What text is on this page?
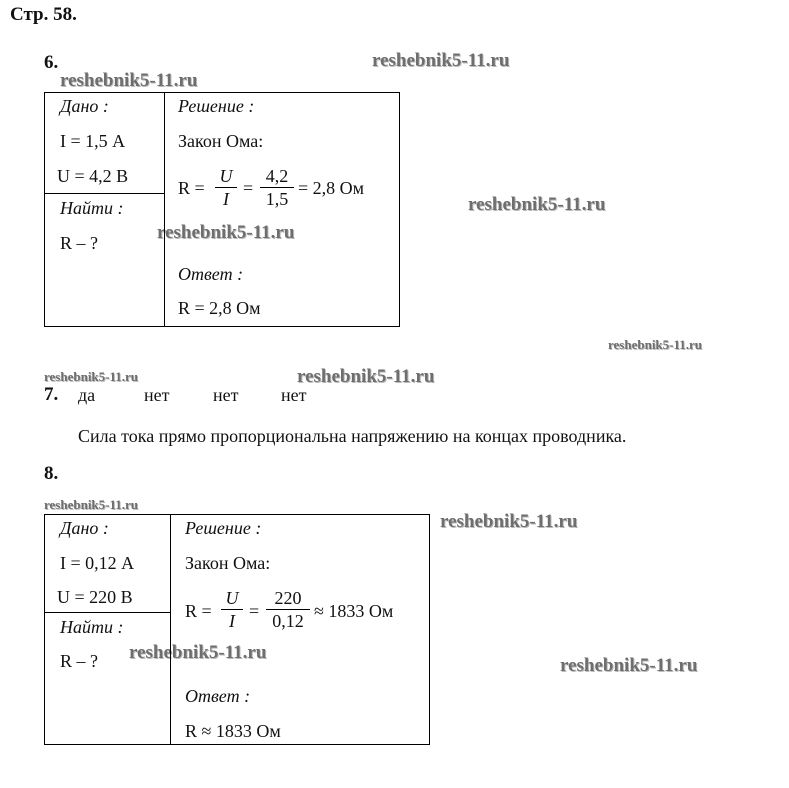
Стр. 58.
reshebnik5-11.ru
reshebnik5-11.ru
reshebnik5-11.ru
reshebnik5-11.ru
reshebnik5-11.ru
reshebnik5-11.ru	reshebnik5-11.ru
reshebnik5-11.ru
reshebnik5-11.ru
reshebnik5-11.ru
reshebnik5-11.ru
6.
Дано :
I = 1,5 А
U = 4,2 В
Найти :
R – ?
Решение :
Закон Ома:
$R = \frac{U}{I} = \frac{4,2}{1,5} = 2,8$ Ом
Ответ :
R = 2,8 Ом
7. да	нет нет нет
Сила тока прямо пропорциональна напряжению на концах проводника.
8.
Дано :
I = 0,12 А
U = 220 В
Найти :
R – ?
Решение :
Закон Ома:
$R = \frac{U}{I} = \frac{220}{0,12} \approx 1833$ Ом
Ответ :
R ≈ 1833 Ом
